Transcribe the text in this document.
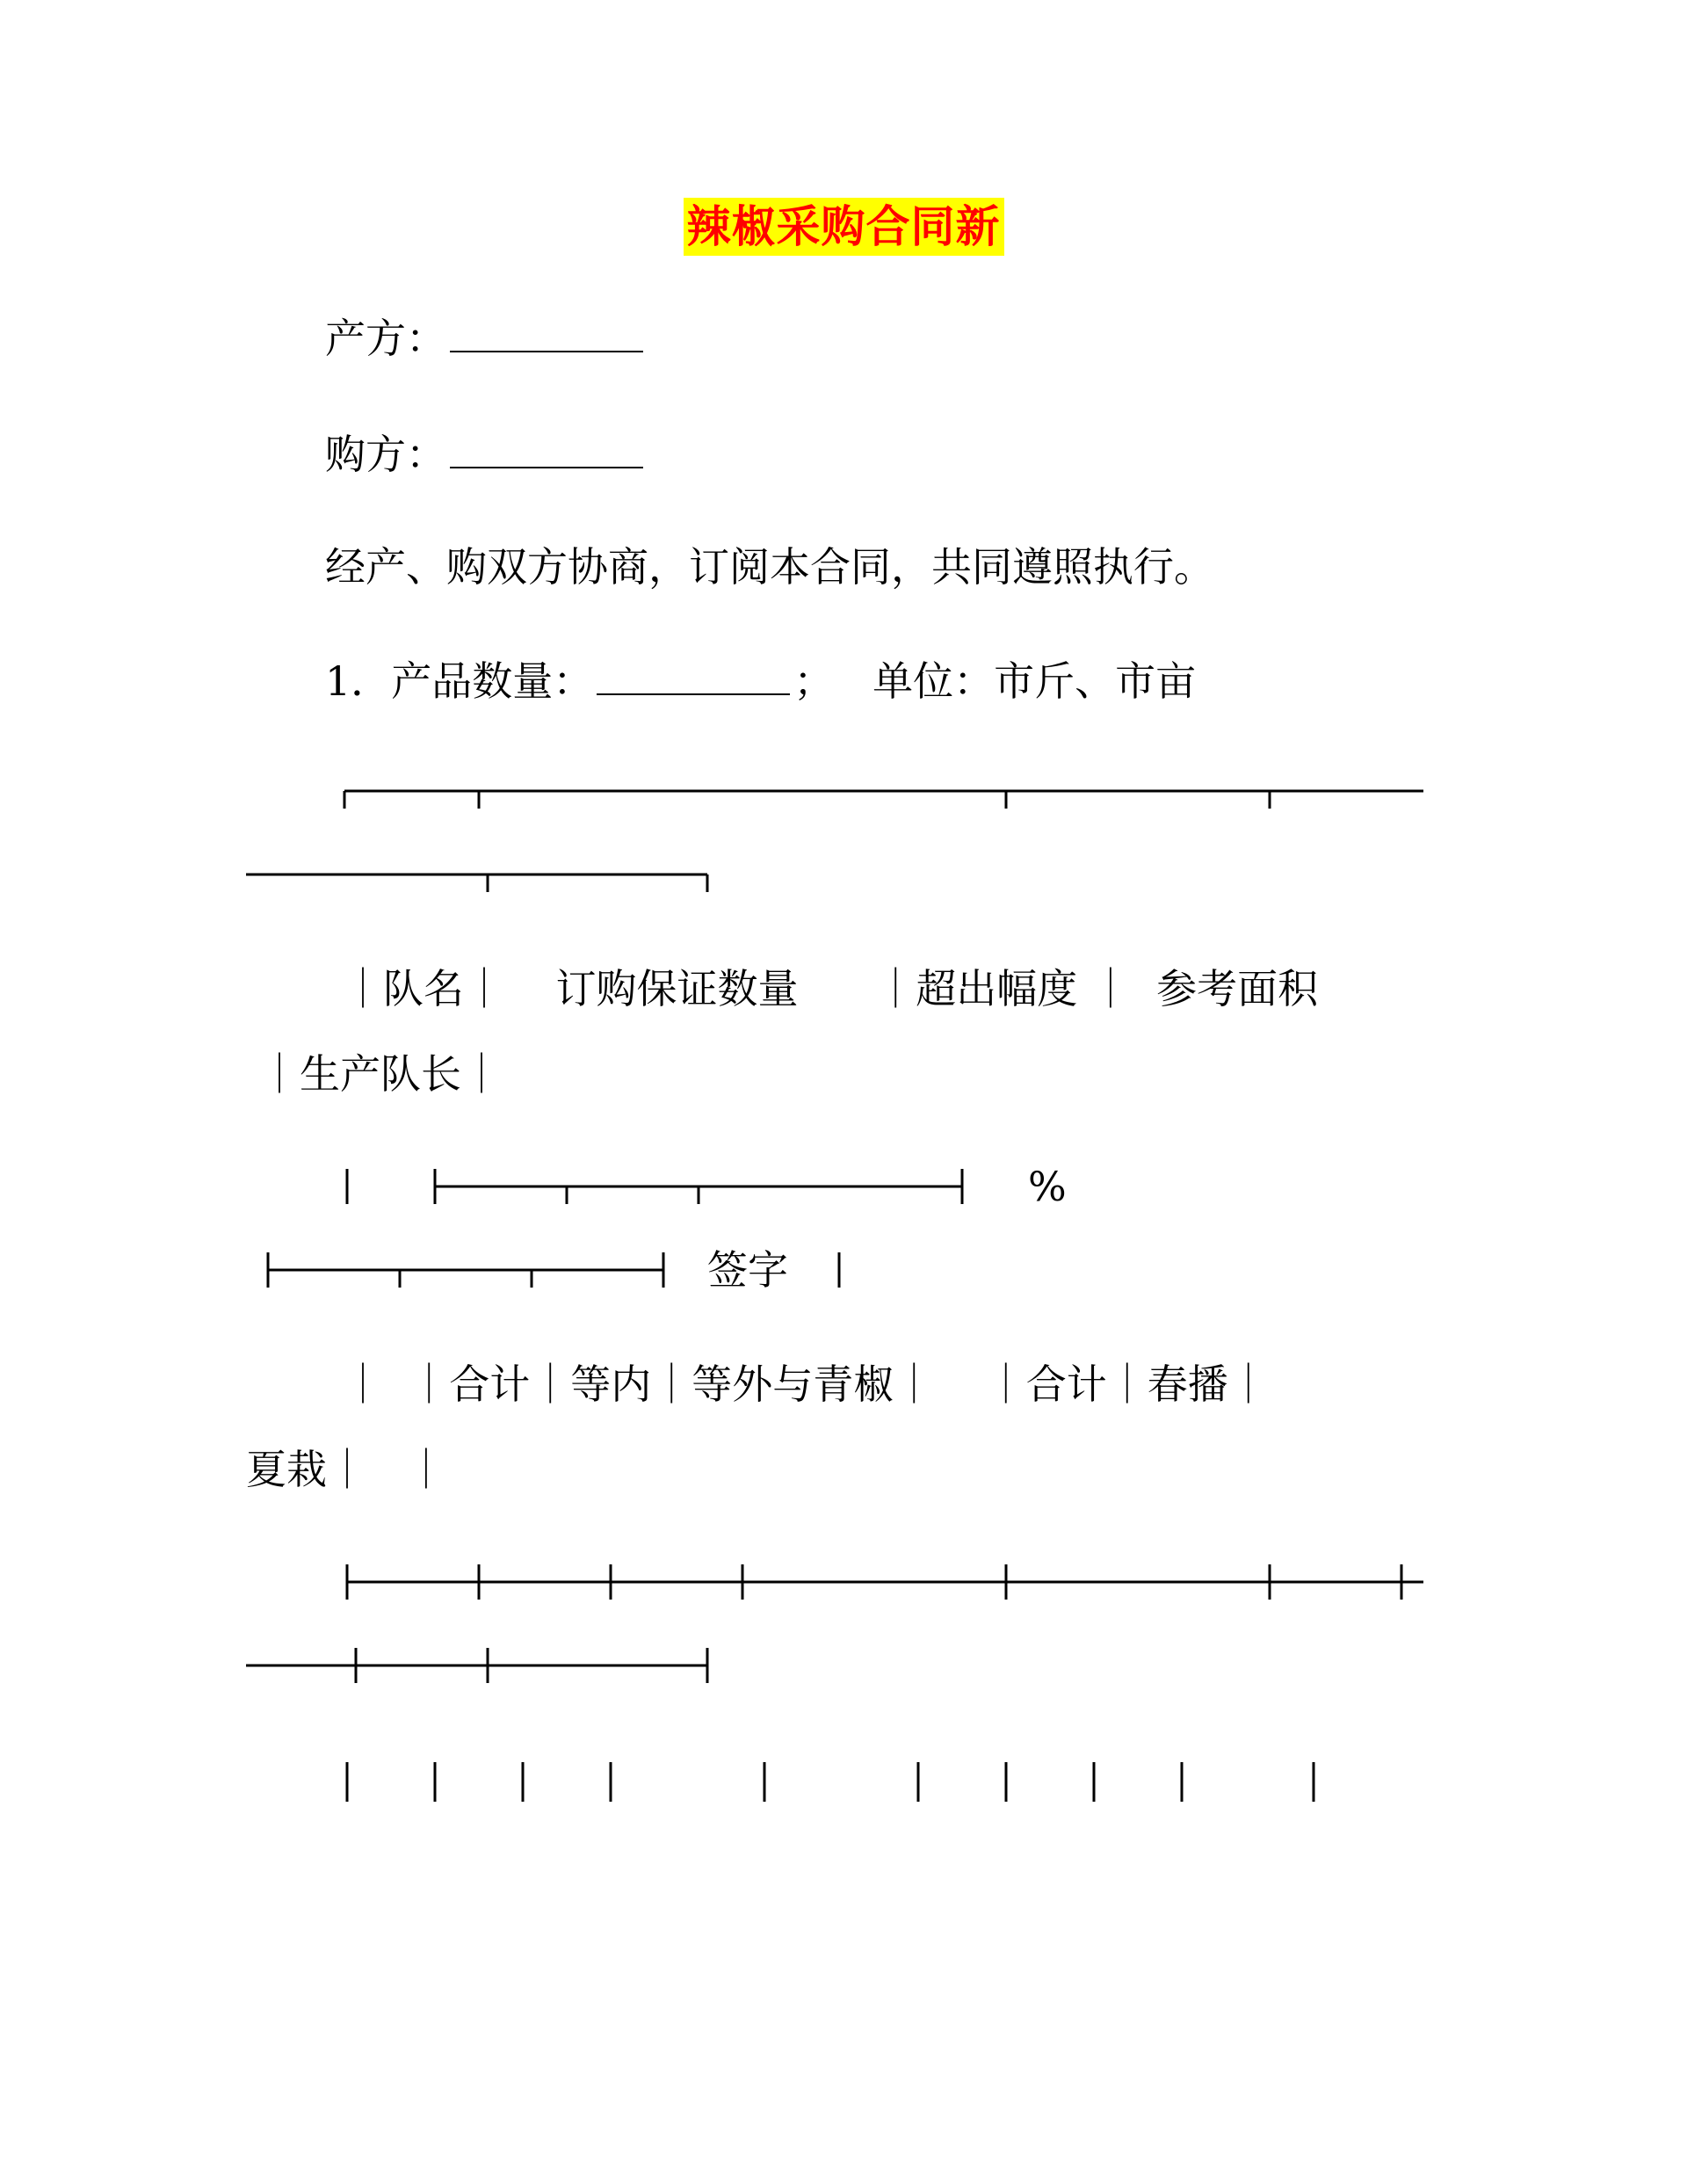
辣椒采购合同新
产方：
购方：
经产、购双方协商，订阅本合同，共同遵照执行。
1．产品数量：	； 单位：市斤、市亩
｜队名｜    订购保证数量      ｜超出幅度 ｜  参考面积
｜生产队长｜
%
签字
｜  ｜合计｜等内｜等外与青椒｜    ｜合计｜春播｜
夏栽｜   ｜
